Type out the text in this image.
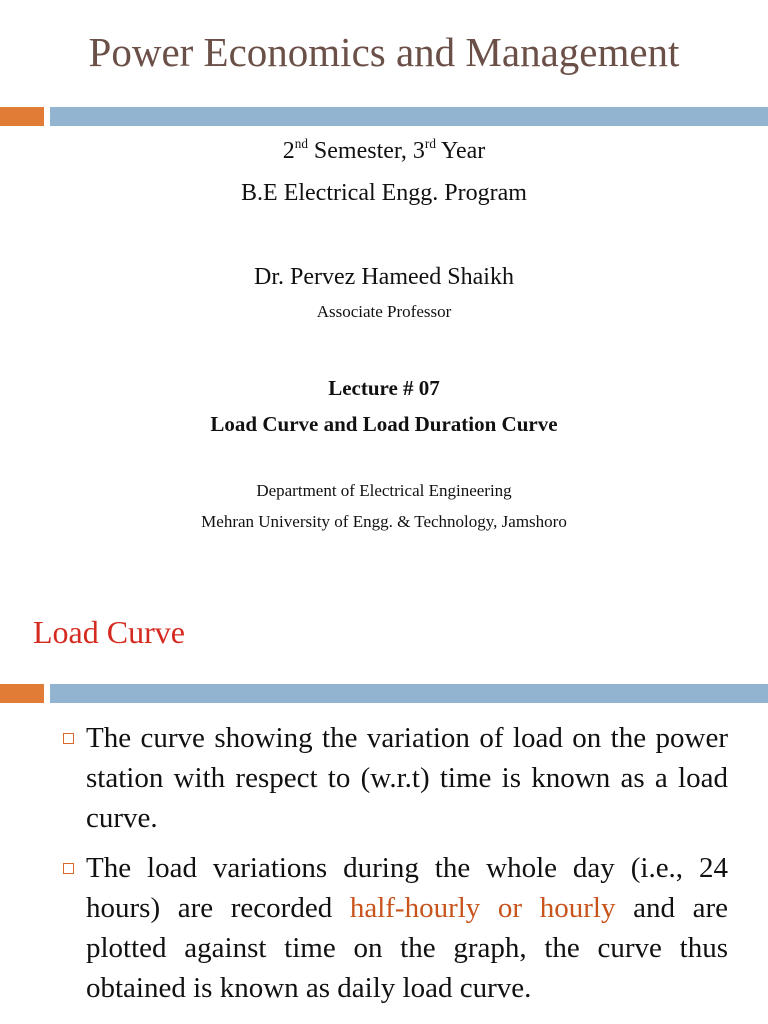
Power Economics and Management
2nd Semester, 3rd Year
B.E Electrical Engg. Program
Dr. Pervez Hameed Shaikh
Associate Professor
Lecture # 07
Load Curve and Load Duration Curve
Department of Electrical Engineering
Mehran University of Engg. & Technology, Jamshoro
Load Curve
The curve showing the variation of load on the power station with respect to (w.r.t) time is known as a load curve.
The load variations during the whole day (i.e., 24 hours) are recorded half-hourly or hourly and are plotted against time on the graph, the curve thus obtained is known as daily load curve.
